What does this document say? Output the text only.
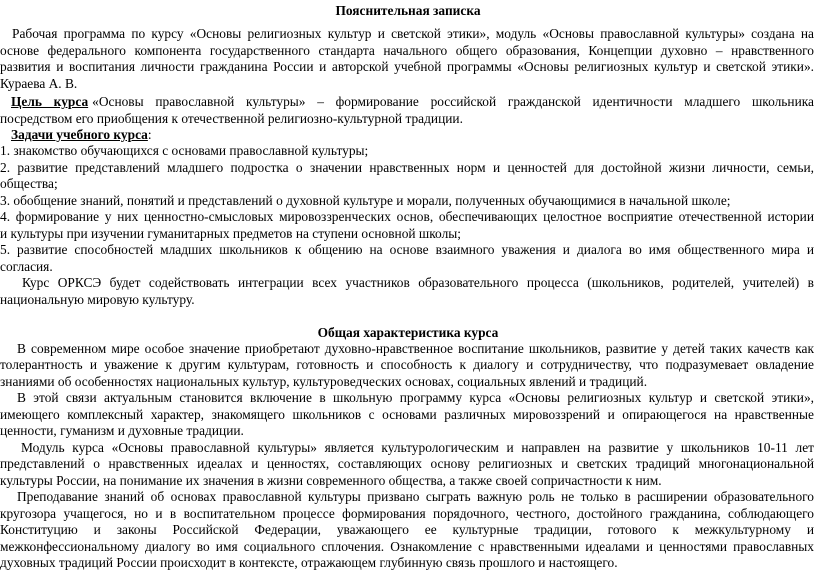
Пояснительная записка
Рабочая программа по курсу «Основы религиозных культур и светской этики», модуль «Основы православной культуры» создана на
основе федерального компонента государственного стандарта начального общего образования, Концепции духовно – нравственного
развития и воспитания личности гражданина России и авторской учебной программы «Основы религиозных культур и светской этики».
Кураева А. В.
Цель курса «Основы православной культуры» – формирование российской гражданской идентичности младшего школьника
посредством его приобщения к отечественной религиозно-культурной традиции.
Задачи учебного курса:
1. знакомство обучающихся с основами православной культуры;
2. развитие представлений младшего подростка о значении нравственных норм и ценностей для достойной жизни личности, семьи,
общества;
3. обобщение знаний, понятий и представлений о духовной культуре и морали, полученных обучающимися в начальной школе;
4. формирование у них ценностно-смысловых мировоззренческих основ, обеспечивающих целостное восприятие отечественной истории
и культуры при изучении гуманитарных предметов на ступени основной школы;
5. развитие способностей младших школьников к общению на основе взаимного уважения и диалога во имя общественного мира и
согласия.
Курс ОРКСЭ будет содействовать интеграции всех участников образовательного процесса (школьников, родителей, учителей) в
национальную мировую культуру.
Общая характеристика курса
В современном мире особое значение приобретают духовно-нравственное воспитание школьников, развитие у детей таких качеств как
толерантность и уважение к другим культурам, готовность и способность к диалогу и сотрудничеству, что подразумевает овладение
знаниями об особенностях национальных культур, культуроведческих основах, социальных явлений и традиций.
В этой связи актуальным становится включение в школьную программу курса «Основы религиозных культур и светской этики»,
имеющего комплексный характер, знакомящего школьников с основами различных мировоззрений и опирающегося на нравственные
ценности, гуманизм и духовные традиции.
Модуль курса «Основы православной культуры» является культурологическим и направлен на развитие у школьников 10-11 лет
представлений о нравственных идеалах и ценностях, составляющих основу религиозных и светских традиций многонациональной
культуры России, на понимание их значения в жизни современного общества, а также своей сопричастности к ним.
Преподавание знаний об основах православной культуры призвано сыграть важную роль не только в расширении образовательного
кругозора учащегося, но и в воспитательном процессе формирования порядочного, честного, достойного гражданина, соблюдающего
Конституцию и законы Российской Федерации, уважающего ее культурные традиции, готового к межкультурному и
межконфессиональному диалогу во имя социального сплочения. Ознакомление с нравственными идеалами и ценностями православных
духовных традиций России происходит в контексте, отражающем глубинную связь прошлого и настоящего.
